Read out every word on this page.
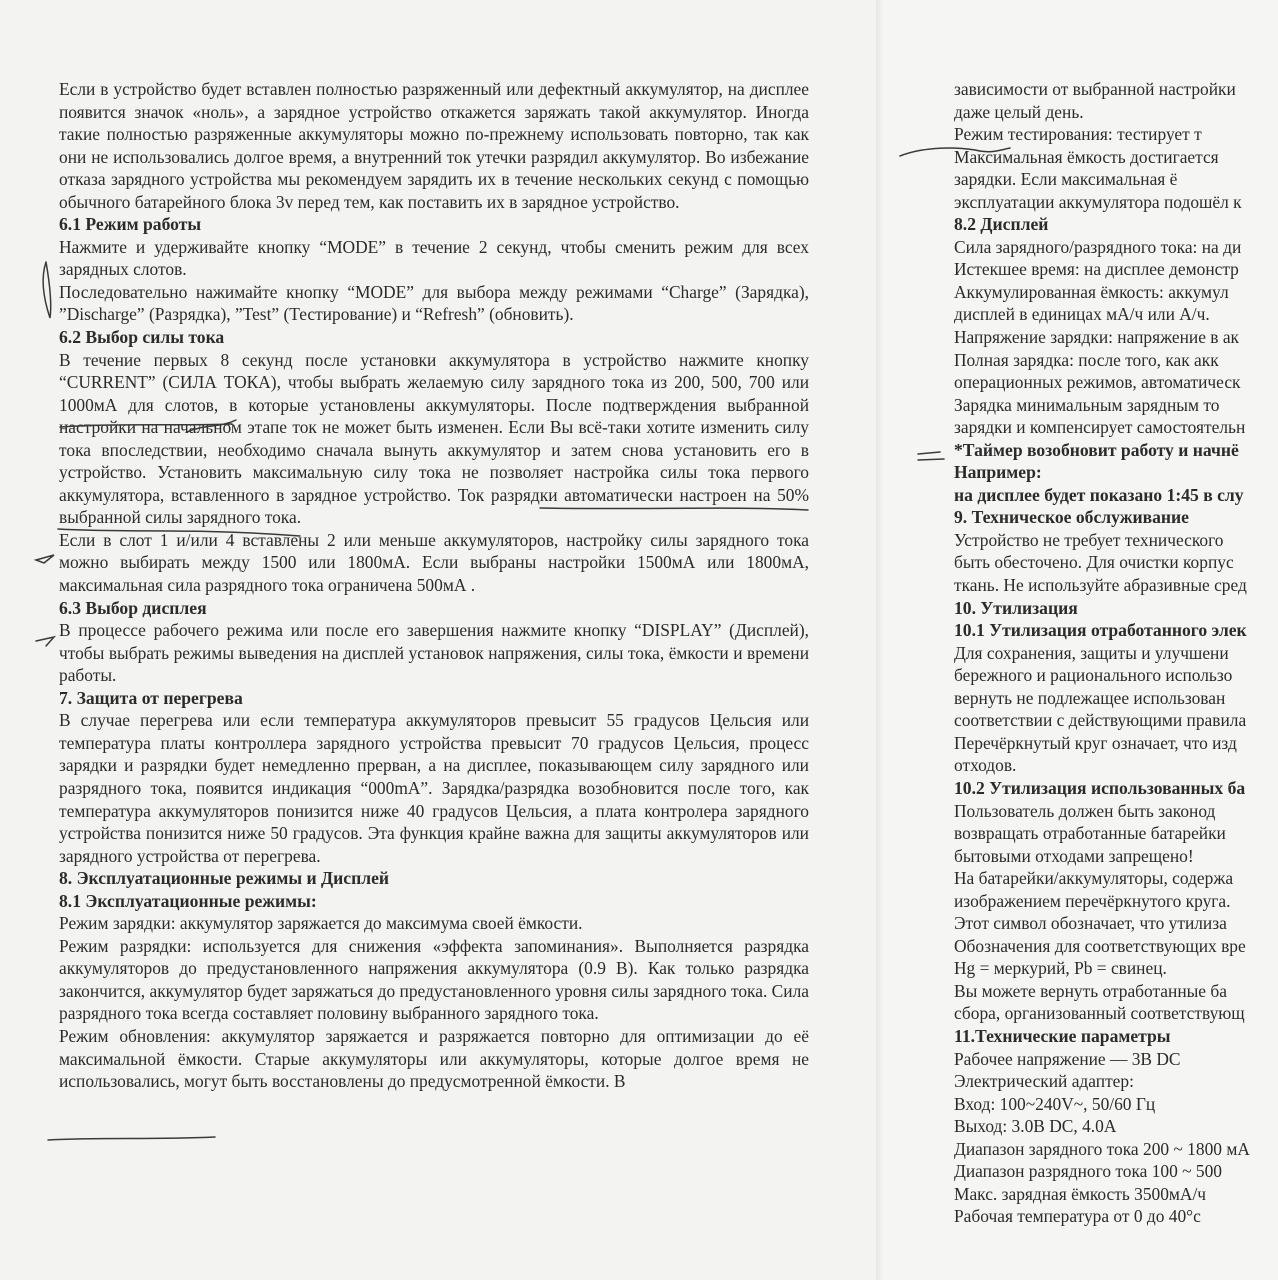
Если в устройство будет вставлен полностью разряженный или дефектный аккумулятор, на дисплее появится значок «ноль», а зарядное устройство откажется заряжать такой аккумулятор. Иногда такие полностью разряженные аккумуляторы можно по-прежнему использовать повторно, так как они не использовались долгое время, а внутренний ток утечки разрядил аккумулятор. Во избежание отказа зарядного устройства мы рекомендуем зарядить их в течение нескольких секунд с помощью обычного батарейного блока 3v перед тем, как поставить их в зарядное устройство.

6.1 Режим работы

Нажмите и удерживайте кнопку “MODE” в течение 2 секунд, чтобы сменить режим для всех зарядных слотов.

Последовательно нажимайте кнопку “MODE” для выбора между режимами “Charge” (Зарядка), ”Discharge” (Разрядка), ”Test” (Тестирование) и “Refresh” (обновить).

6.2 Выбор силы тока

В течение первых 8 секунд после установки аккумулятора в устройство нажмите кнопку “CURRENT” (СИЛА ТОКА), чтобы выбрать желаемую силу зарядного тока из 200, 500, 700 или 1000мА для слотов, в которые установлены аккумуляторы. После подтверждения выбранной настройки на начальном этапе ток не может быть изменен. Если Вы всё-таки хотите изменить силу тока впоследствии, необходимо сначала вынуть аккумулятор и затем снова установить его в устройство. Установить максимальную силу тока не позволяет настройка силы тока первого аккумулятора, вставленного в зарядное устройство. Ток разрядки автоматически настроен на 50% выбранной силы зарядного тока.

Если в слот 1 и/или 4 вставлены 2 или меньше аккумуляторов, настройку силы зарядного тока можно выбирать между 1500 или 1800мА. Если выбраны настройки 1500мА или 1800мА, максимальная сила разрядного тока ограничена 500мА .

6.3 Выбор дисплея

В процессе рабочего режима или после его завершения нажмите кнопку “DISPLAY” (Дисплей), чтобы выбрать режимы выведения на дисплей установок напряжения, силы тока, ёмкости и времени работы.

7. Защита от перегрева

В случае перегрева или если температура аккумуляторов превысит 55 градусов Цельсия или температура платы контроллера зарядного устройства превысит 70 градусов Цельсия, процесс зарядки и разрядки будет немедленно прерван, а на дисплее, показывающем силу зарядного или разрядного тока, появится индикация “000mA”. Зарядка/разрядка возобновится после того, как температура аккумуляторов понизится ниже 40 градусов Цельсия, а плата контролера зарядного устройства понизится ниже 50 градусов. Эта функция крайне важна для защиты аккумуляторов или зарядного устройства от перегрева.

8. Эксплуатационные режимы и Дисплей
8.1 Эксплуатационные режимы:

Режим зарядки: аккумулятор заряжается до максимума своей ёмкости.

Режим разрядки: используется для снижения «эффекта запоминания». Выполняется разрядка аккумуляторов до предустановленного напряжения аккумулятора (0.9 В). Как только разрядка закончится, аккумулятор будет заряжаться до предустановленного уровня силы зарядного тока. Сила разрядного тока всегда составляет половину выбранного зарядного тока.

Режим обновления: аккумулятор заряжается и разряжается повторно для оптимизации до её максимальной ёмкости. Старые аккумуляторы или аккумуляторы, которые долгое время не использовались, могут быть восстановлены до предусмотренной ёмкости. В

зависимости от выбранной настройки

даже целый день.

Режим тестирования: тестирует т

Максимальная ёмкость достигается

зарядки. Если максимальная ё

эксплуатации аккумулятора подошёл к

8.2 Дисплей

Сила зарядного/разрядного тока: на ди

Истекшее время: на дисплее демонстр

Аккумулированная ёмкость: аккумул

дисплей в единицах мА/ч или А/ч.

Напряжение зарядки: напряжение в ак

Полная зарядка: после того, как акк

операционных режимов, автоматическ

Зарядка минимальным зарядным то

зарядки и компенсирует самостоятельн

*Таймер возобновит работу и начнё
Например:
на дисплее будет показано 1:45 в слу
9. Техническое обслуживание

Устройство не требует технического

быть обесточено. Для очистки корпус

ткань. Не используйте абразивные сред

10. Утилизация
10.1 Утилизация отработанного элек

Для сохранения, защиты и улучшени

бережного и рационального использо

вернуть не подлежащее использован

соответствии с действующими правила

Перечёркнутый круг означает, что изд

отходов.

10.2 Утилизация использованных ба

Пользователь должен быть законод

возвращать отработанные батарейки

бытовыми отходами запрещено!

На батарейки/аккумуляторы, содержа

изображением перечёркнутого круга.

Этот символ обозначает, что утилиза

Обозначения для соответствующих вре

Hg = меркурий, Pb = свинец.

Вы можете вернуть отработанные ба

сбора, организованный соответствующ

11.Технические параметры

Рабочее напряжение — 3В DC

Электрический адаптер:

Вход: 100~240V~, 50/60 Гц

Выход: 3.0В DC, 4.0A

Диапазон зарядного тока 200 ~ 1800 мА

Диапазон разрядного тока 100 ~ 500

Макс. зарядная ёмкость 3500мА/ч

Рабочая температура от 0 до 40°c
